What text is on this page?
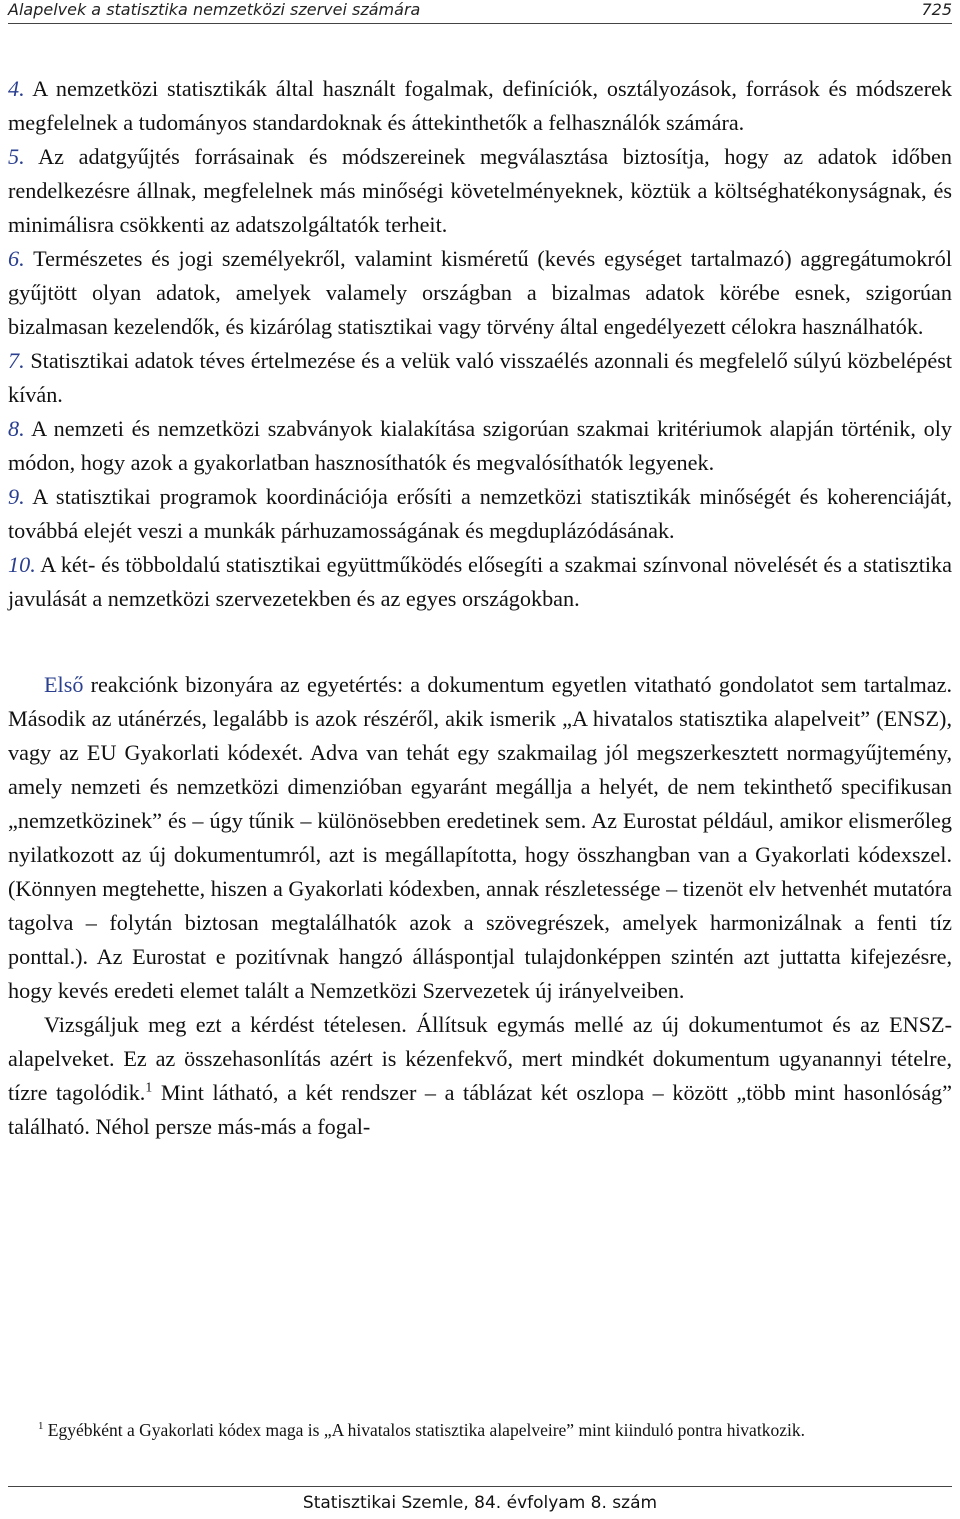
Alapelvek a statisztika nemzetközi szervei számára	725

4. A nemzetközi statisztikák által használt fogalmak, definíciók, osztályozások, források és módszerek megfelelnek a tudományos standardoknak és áttekinthetők a felhasználók számára.

5. Az adatgyűjtés forrásainak és módszereinek megválasztása biztosítja, hogy az adatok időben rendelkezésre állnak, megfelelnek más minőségi követelményeknek, köztük a költséghatékonyságnak, és minimálisra csökkenti az adatszolgáltatók terheit.

6. Természetes és jogi személyekről, valamint kisméretű (kevés egységet tartalmazó) aggregátumokról gyűjtött olyan adatok, amelyek valamely országban a bizalmas adatok körébe esnek, szigorúan bizalmasan kezelendők, és kizárólag statisztikai vagy törvény által engedélyezett célokra használhatók.

7. Statisztikai adatok téves értelmezése és a velük való visszaélés azonnali és megfelelő súlyú közbelépést kíván.

8. A nemzeti és nemzetközi szabványok kialakítása szigorúan szakmai kritériumok alapján történik, oly módon, hogy azok a gyakorlatban hasznosíthatók és megvalósíthatók legyenek.

9. A statisztikai programok koordinációja erősíti a nemzetközi statisztikák minőségét és koherenciáját, továbbá elejét veszi a munkák párhuzamosságának és megduplázódásának.

10. A két- és többoldalú statisztikai együttműködés elősegíti a szakmai színvonal növelését és a statisztika javulását a nemzetközi szervezetekben és az egyes országokban.

Első reakciónk bizonyára az egyetértés: a dokumentum egyetlen vitatható gondolatot sem tartalmaz. Második az utánérzés, legalább is azok részéről, akik ismerik „A hivatalos statisztika alapelveit” (ENSZ), vagy az EU Gyakorlati kódexét. Adva van tehát egy szakmailag jól megszerkesztett normagyűjtemény, amely nemzeti és nemzetközi dimenzióban egyaránt megállja a helyét, de nem tekinthető specifikusan „nemzetközinek” és – úgy tűnik – különösebben eredetinek sem. Az Eurostat például, amikor elismerőleg nyilatkozott az új dokumentumról, azt is megállapította, hogy összhangban van a Gyakorlati kódexszel. (Könnyen megtehette, hiszen a Gyakorlati kódexben, annak részletessége – tizenöt elv hetvenhét mutatóra tagolva – folytán biztosan megtalálhatók azok a szövegrészek, amelyek harmonizálnak a fenti tíz ponttal.). Az Eurostat e pozitívnak hangzó álláspontjal tulajdonképpen szintén azt juttatta kifejezésre, hogy kevés eredeti elemet talált a Nemzetközi Szervezetek új irányelveiben.

Vizsgáljuk meg ezt a kérdést tételesen. Állítsuk egymás mellé az új dokumentumot és az ENSZ-alapelveket. Ez az összehasonlítás azért is kézenfekvő, mert mindkét dokumentum ugyanannyi tételre, tízre tagolódik.$^1$ Mint látható, a két rendszer – a táblázat két oszlopa – között „több mint hasonlóság” található. Néhol persze más-más a fogal-

$^1$ Egyébként a Gyakorlati kódex maga is „A hivatalos statisztika alapelveire” mint kiinduló pontra hivatkozik.
Statisztikai Szemle, 84. évfolyam 8. szám
